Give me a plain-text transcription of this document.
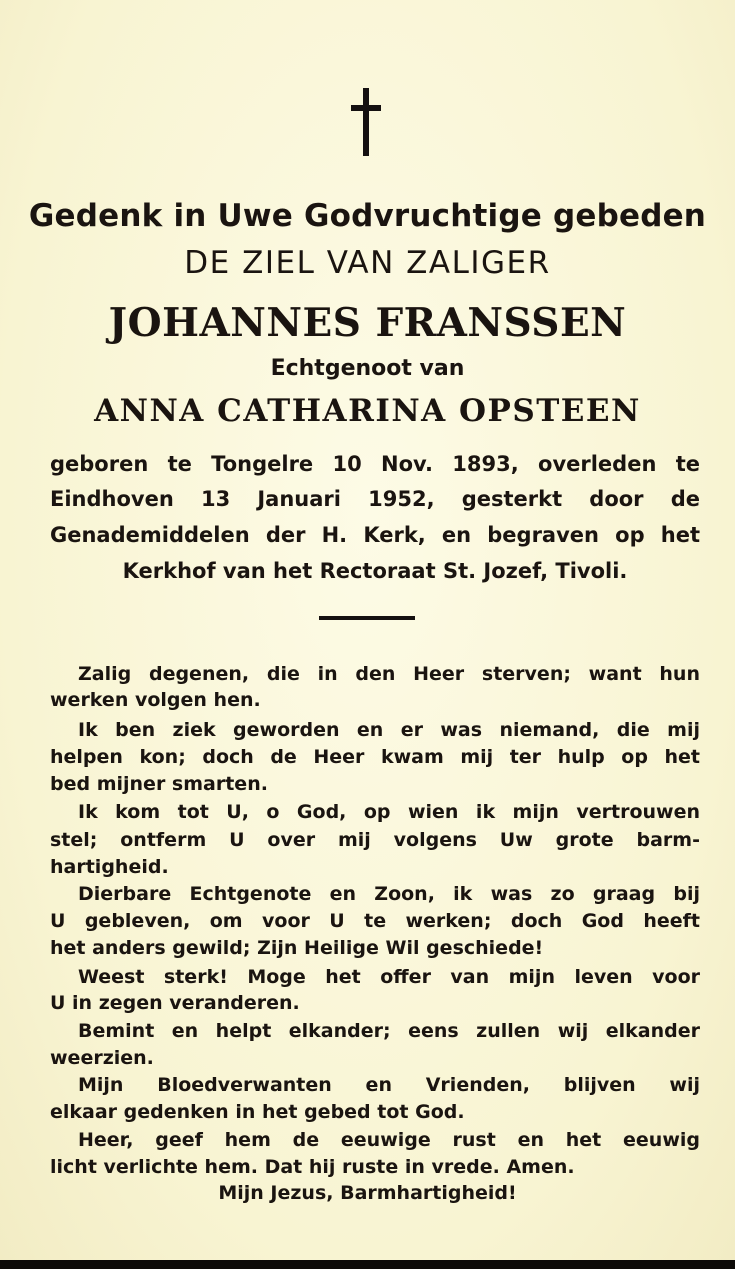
Gedenk in Uwe Godvruchtige gebeden
DE ZIEL VAN ZALIGER
JOHANNES FRANSSEN
Echtgenoot van
ANNA CATHARINA OPSTEEN
geboren te Tongelre 10 Nov. 1893, overleden te
Eindhoven 13 Januari 1952, gesterkt door de
Genademiddelen der H. Kerk, en begraven op het
Kerkhof van het Rectoraat St. Jozef, Tivoli.
Zalig degenen, die in den Heer sterven; want hun
werken volgen hen.
Ik ben ziek geworden en er was niemand, die mij
helpen kon; doch de Heer kwam mij ter hulp op het
bed mijner smarten.
Ik kom tot U, o God, op wien ik mijn vertrouwen
stel; ontferm U over mij volgens Uw grote barm-
hartigheid.
Dierbare Echtgenote en Zoon, ik was zo graag bij
U gebleven, om voor U te werken; doch God heeft
het anders gewild; Zijn Heilige Wil geschiede!
Weest sterk! Moge het offer van mijn leven voor
U in zegen veranderen.
Bemint en helpt elkander; eens zullen wij elkander
weerzien.
Mijn Bloedverwanten en Vrienden, blijven wij
elkaar gedenken in het gebed tot God.
Heer, geef hem de eeuwige rust en het eeuwig
licht verlichte hem. Dat hij ruste in vrede. Amen.
Mijn Jezus, Barmhartigheid!
